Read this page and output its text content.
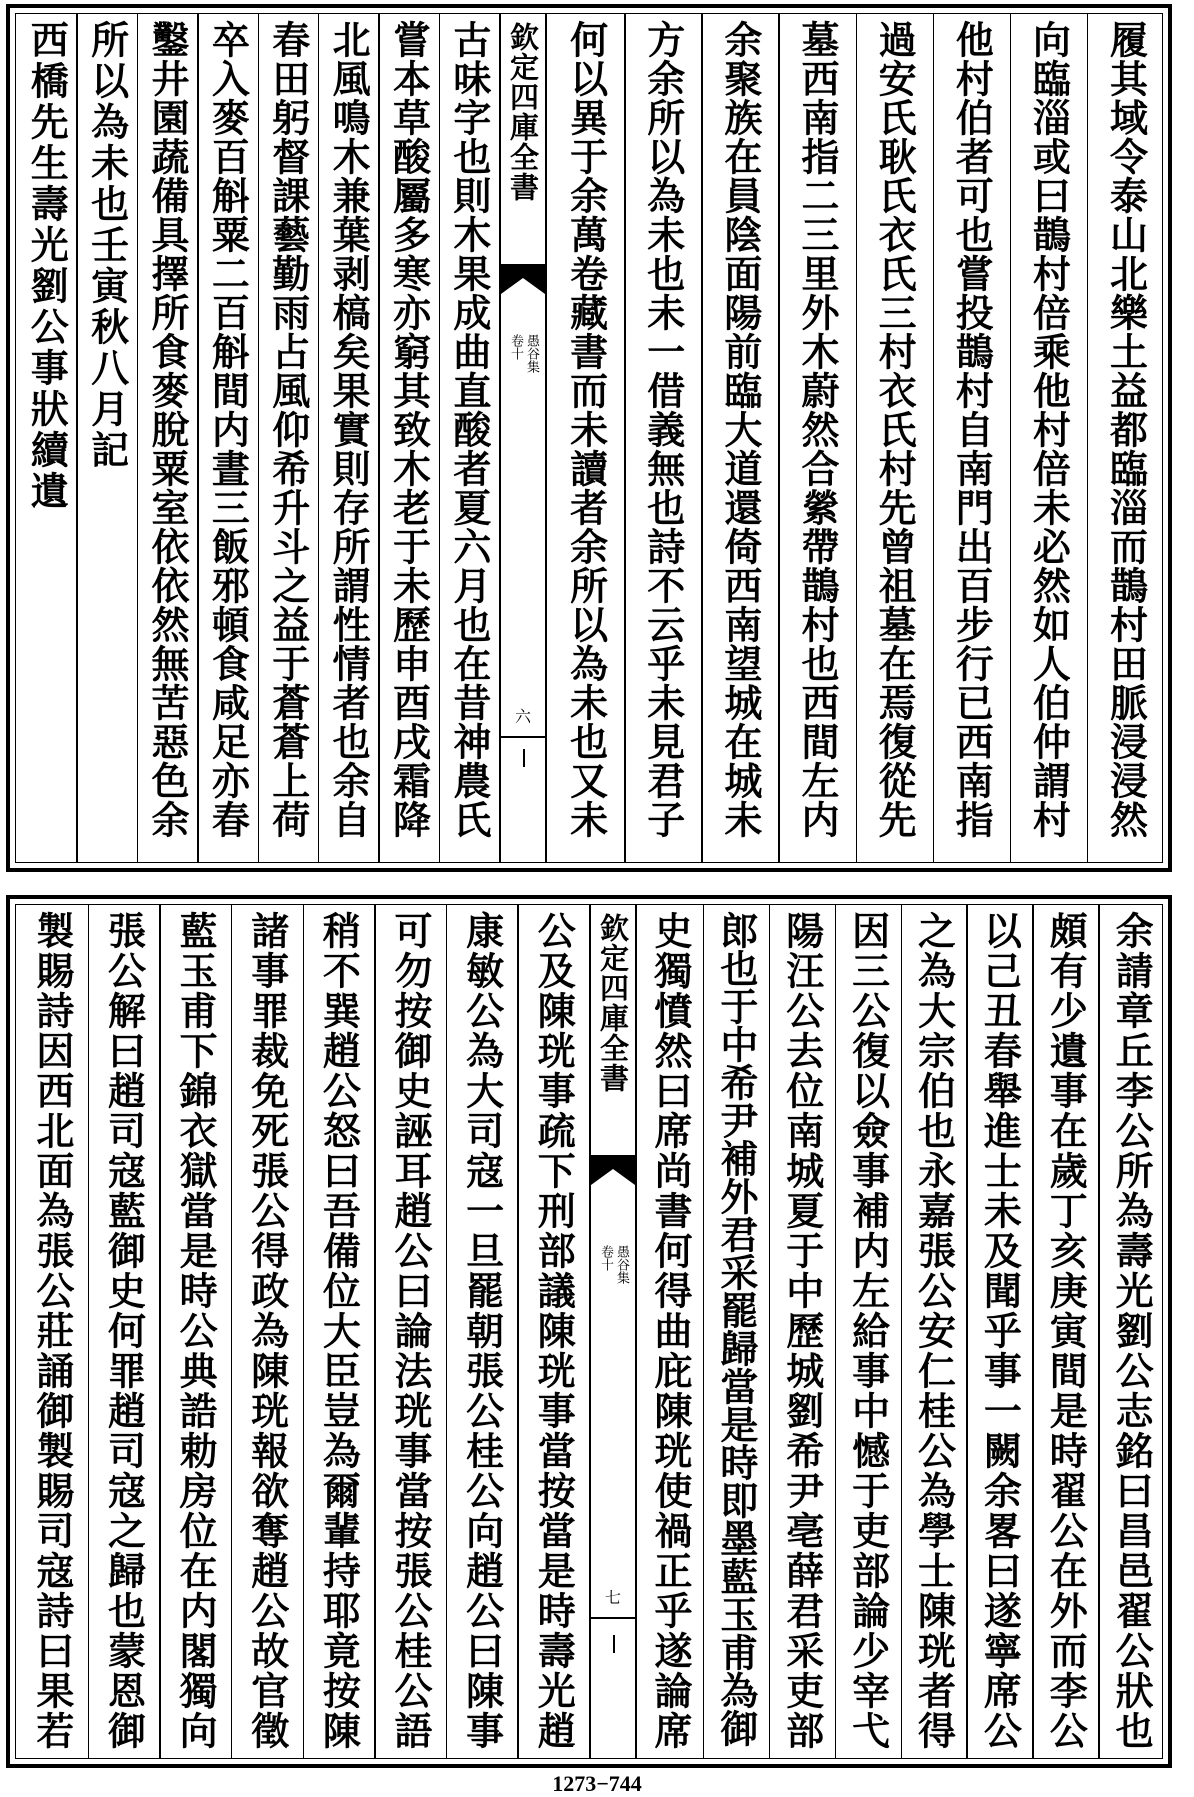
欽定四庫全書
卷十 愚谷集
六	履其域令泰山北樂土益都臨淄而鵲村田脈浸浸然
向臨淄或曰鵲村倍乘他村倍未必然如人伯仲謂村
他村伯者可也嘗投鵲村自南門出百步行已西南指
過安氏耿氏衣氏三村衣氏村先曾祖墓在焉復從先
墓西南指二三里外木蔚然合縈帶鵲村也西間左内
余聚族在員陰面陽前臨大道還倚西南望城在城未
方余所以為未也未一借義無也詩不云乎未見君子
何以異于余萬卷藏書而未讀者余所以為未也又未
古味字也則木果成曲直酸者夏六月也在昔神農氏
嘗本草酸屬多寒亦窮其致木老于未歷申酉戌霜降
北風鳴木兼葉剥槁矣果實則存所謂性情者也余自
春田躬督課藝勤雨占風仰希升斗之益于蒼蒼上荷
卒入麥百斛粟二百斛間内晝三飯邪頓食咸足亦春
鑿井園蔬備具擇所食麥脫粟室依依然無苦惡色余
所以為未也壬寅秋八月記
西橋先生壽光劉公事狀續遺
欽定四庫全書
卷十 愚谷集
七	余請章丘李公所為壽光劉公志銘曰昌邑翟公狀也
頗有少遺事在歲丁亥庚寅間是時翟公在外而李公
以己丑春舉進士未及聞乎事一闕余畧曰遂寧席公
之為大宗伯也永嘉張公安仁桂公為學士陳珖者得
因三公復以僉事補内左給事中憾于吏部論少宰弋
陽汪公去位南城夏于中歷城劉希尹亳薛君采吏部
郎也于中希尹補外君采罷歸當是時即墨藍玉甫為御
史獨憤然曰席尚書何得曲庇陳珖使禍正乎遂論席
公及陳珖事疏下刑部議陳珖事當按當是時壽光趙
康敏公為大司寇一旦罷朝張公桂公向趙公曰陳事
可勿按御史誣耳趙公曰論法珖事當按張公桂公語
稍不巽趙公怒曰吾備位大臣豈為爾輩持耶竟按陳
諸事罪裁免死張公得政為陳珖報欲奪趙公故官徵
藍玉甫下錦衣獄當是時公典誥勅房位在内閣獨向
張公解曰趙司寇藍御史何罪趙司寇之歸也蒙恩御
製賜詩因西北面為張公莊誦御製賜司寇詩曰果若
1273−744
